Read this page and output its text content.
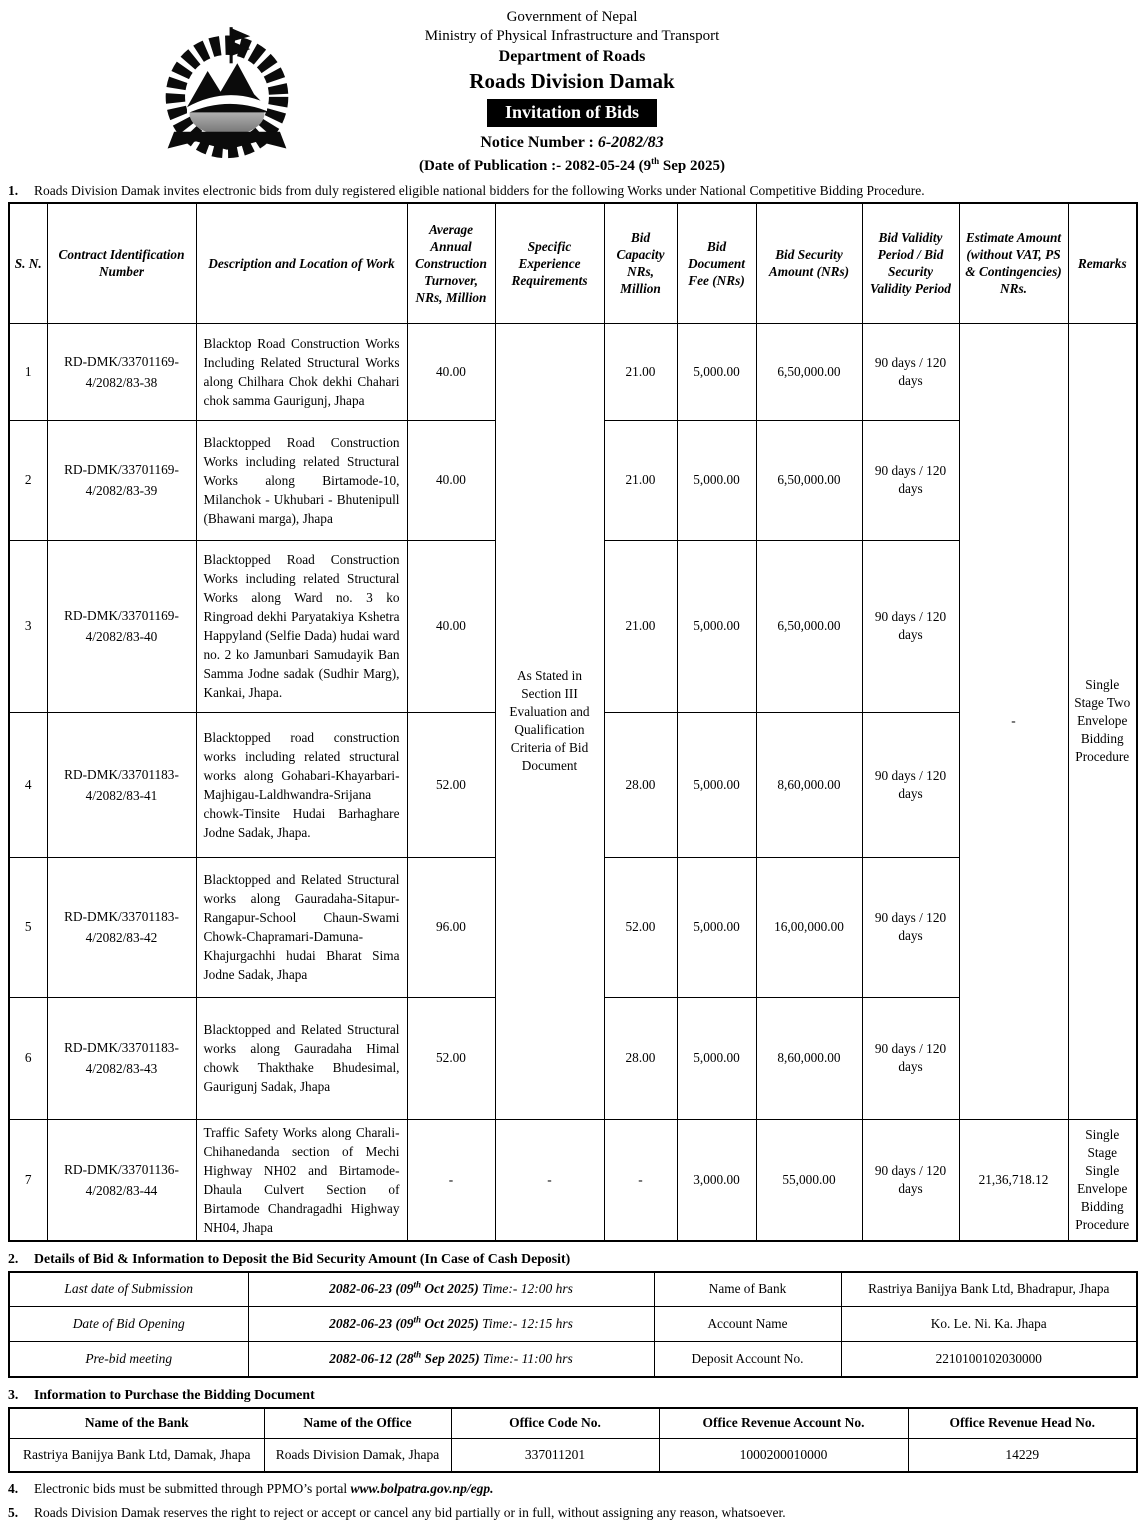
Government of Nepal
Ministry of Physical Infrastructure and Transport
Department of Roads
Roads Division Damak
Invitation of Bids
Notice Number : 6-2082/83
(Date of Publication :- 2082-05-24 (9th Sep 2025)
1.	Roads Division Damak invites electronic bids from duly registered eligible national bidders for the following Works under National Competitive Bidding Procedure.
S. N.	Contract Identification Number	Description and Location of Work	Average Annual Construction Turnover, NRs, Million	Specific Experience Requirements	Bid Capacity NRs, Million	Bid Document Fee (NRs)	Bid Security Amount (NRs)	Bid Validity Period / Bid Security Validity Period	Estimate Amount (without VAT, PS & Contingencies) NRs.	Remarks
1	RD-DMK/33701169-4/2082/83-38	Blacktop Road Construction Works Including Related Structural Works along Chilhara Chok dekhi Chahari chok samma Gaurigunj, Jhapa	40.00	As Stated in Section III Evaluation and Qualification Criteria of Bid Document	21.00	5,000.00	6,50,000.00	90 days / 120 days	-	Single Stage Two Envelope Bidding Procedure
2	RD-DMK/33701169-4/2082/83-39	Blacktopped Road Construction Works including related Structural Works along Birtamode-10, Milanchok - Ukhubari - Bhutenipull (Bhawani marga), Jhapa	40.00		21.00	5,000.00	6,50,000.00	90 days / 120 days		
3	RD-DMK/33701169-4/2082/83-40	Blacktopped Road Construction Works including related Structural Works along Ward no. 3 ko Ringroad dekhi Paryatakiya Kshetra Happyland (Selfie Dada) hudai ward no. 2 ko Jamunbari Samudayik Ban Samma Jodne sadak (Sudhir Marg), Kankai, Jhapa.	40.00		21.00	5,000.00	6,50,000.00	90 days / 120 days		
4	RD-DMK/33701183-4/2082/83-41	Blacktopped road construction works including related structural works along Gohabari-Khayarbari-Majhigau-Laldhwandra-Srijana chowk-Tinsite Hudai Barhaghare Jodne Sadak, Jhapa.	52.00		28.00	5,000.00	8,60,000.00	90 days / 120 days		
5	RD-DMK/33701183-4/2082/83-42	Blacktopped and Related Structural works along Gauradaha-Sitapur-Rangapur-School Chaun-Swami Chowk-Chapramari-Damuna-Khajurgachhi hudai Bharat Sima Jodne Sadak, Jhapa	96.00		52.00	5,000.00	16,00,000.00	90 days / 120 days		
6	RD-DMK/33701183-4/2082/83-43	Blacktopped and Related Structural works along Gauradaha Himal chowk Thakthake Bhudesimal, Gaurigunj Sadak, Jhapa	52.00		28.00	5,000.00	8,60,000.00	90 days / 120 days		
7	RD-DMK/33701136-4/2082/83-44	Traffic Safety Works along Charali- Chihanedanda section of Mechi Highway NH02 and Birtamode-Dhaula Culvert Section of Birtamode Chandragadhi Highway NH04, Jhapa	-	-	-	3,000.00	55,000.00	90 days / 120 days	21,36,718.12	Single Stage Single Envelope Bidding Procedure
2.	Details of Bid & Information to Deposit the Bid Security Amount (In Case of Cash Deposit)
Last date of Submission	2082-06-23 (09th Oct 2025) Time:- 12:00 hrs	Name of Bank	Rastriya Banijya Bank Ltd, Bhadrapur, Jhapa
Date of Bid Opening	2082-06-23 (09th Oct 2025) Time:- 12:15 hrs	Account Name	Ko. Le. Ni. Ka. Jhapa
Pre-bid meeting	2082-06-12 (28th Sep 2025) Time:- 11:00 hrs	Deposit Account No.	2210100102030000
3.	Information to Purchase the Bidding Document
Name of the Bank	Name of the Office	Office Code No.	Office Revenue Account No.	Office Revenue Head No.
Rastriya Banijya Bank Ltd, Damak, Jhapa	Roads Division Damak, Jhapa	337011201	1000200010000	14229
4.	Electronic bids must be submitted through PPMO’s portal www.bolpatra.gov.np/egp.
5.	Roads Division Damak reserves the right to reject or accept or cancel any bid partially or in full, without assigning any reason, whatsoever.
